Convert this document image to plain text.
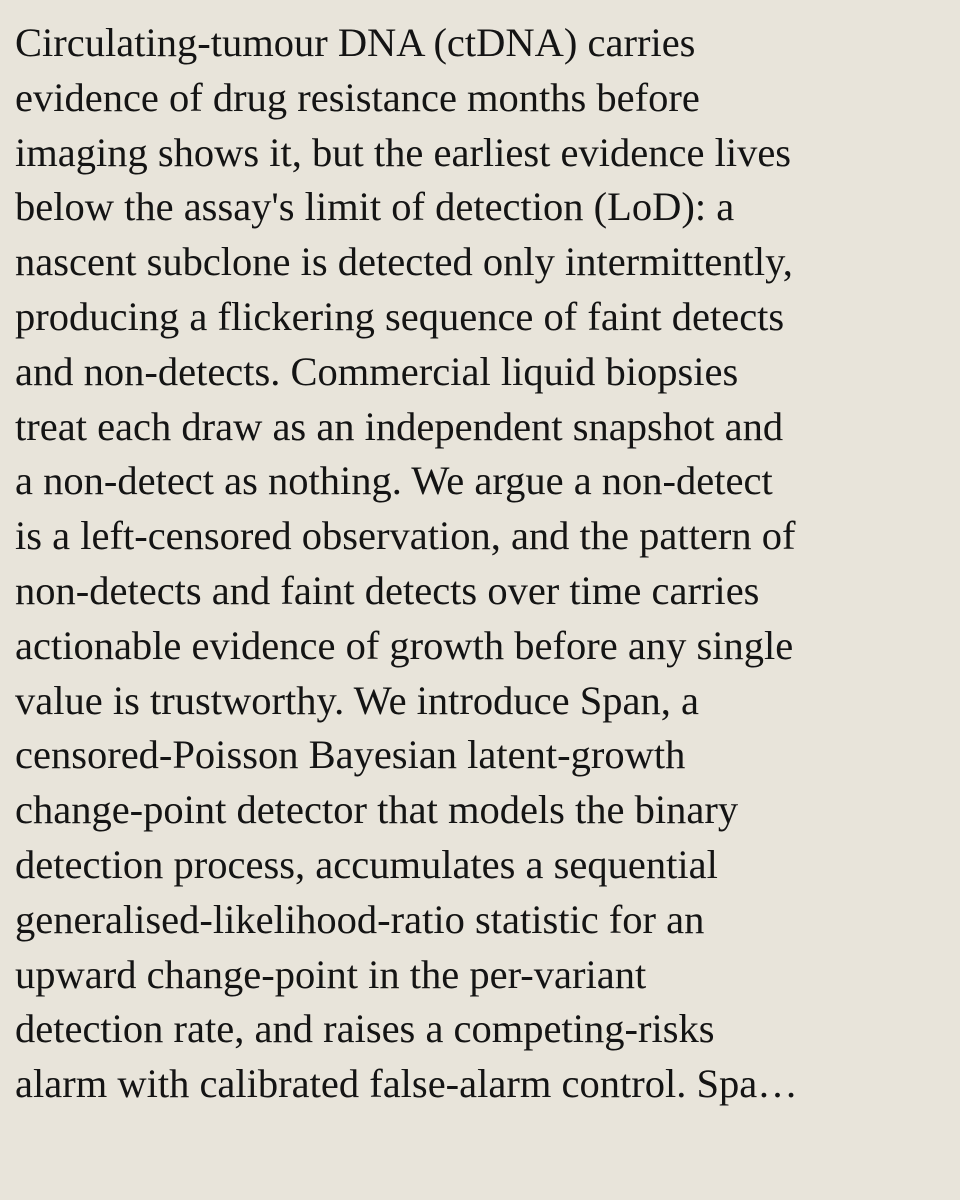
Circulating-tumour DNA (ctDNA) carries
evidence of drug resistance months before
imaging shows it, but the earliest evidence lives
below the assay's limit of detection (LoD): a
nascent subclone is detected only intermittently,
producing a flickering sequence of faint detects
and non-detects. Commercial liquid biopsies
treat each draw as an independent snapshot and
a non-detect as nothing. We argue a non-detect
is a left-censored observation, and the pattern of
non-detects and faint detects over time carries
actionable evidence of growth before any single
value is trustworthy. We introduce Span, a
censored-Poisson Bayesian latent-growth
change-point detector that models the binary
detection process, accumulates a sequential
generalised-likelihood-ratio statistic for an
upward change-point in the per-variant
detection rate, and raises a competing-risks
alarm with calibrated false-alarm control. Spa…
